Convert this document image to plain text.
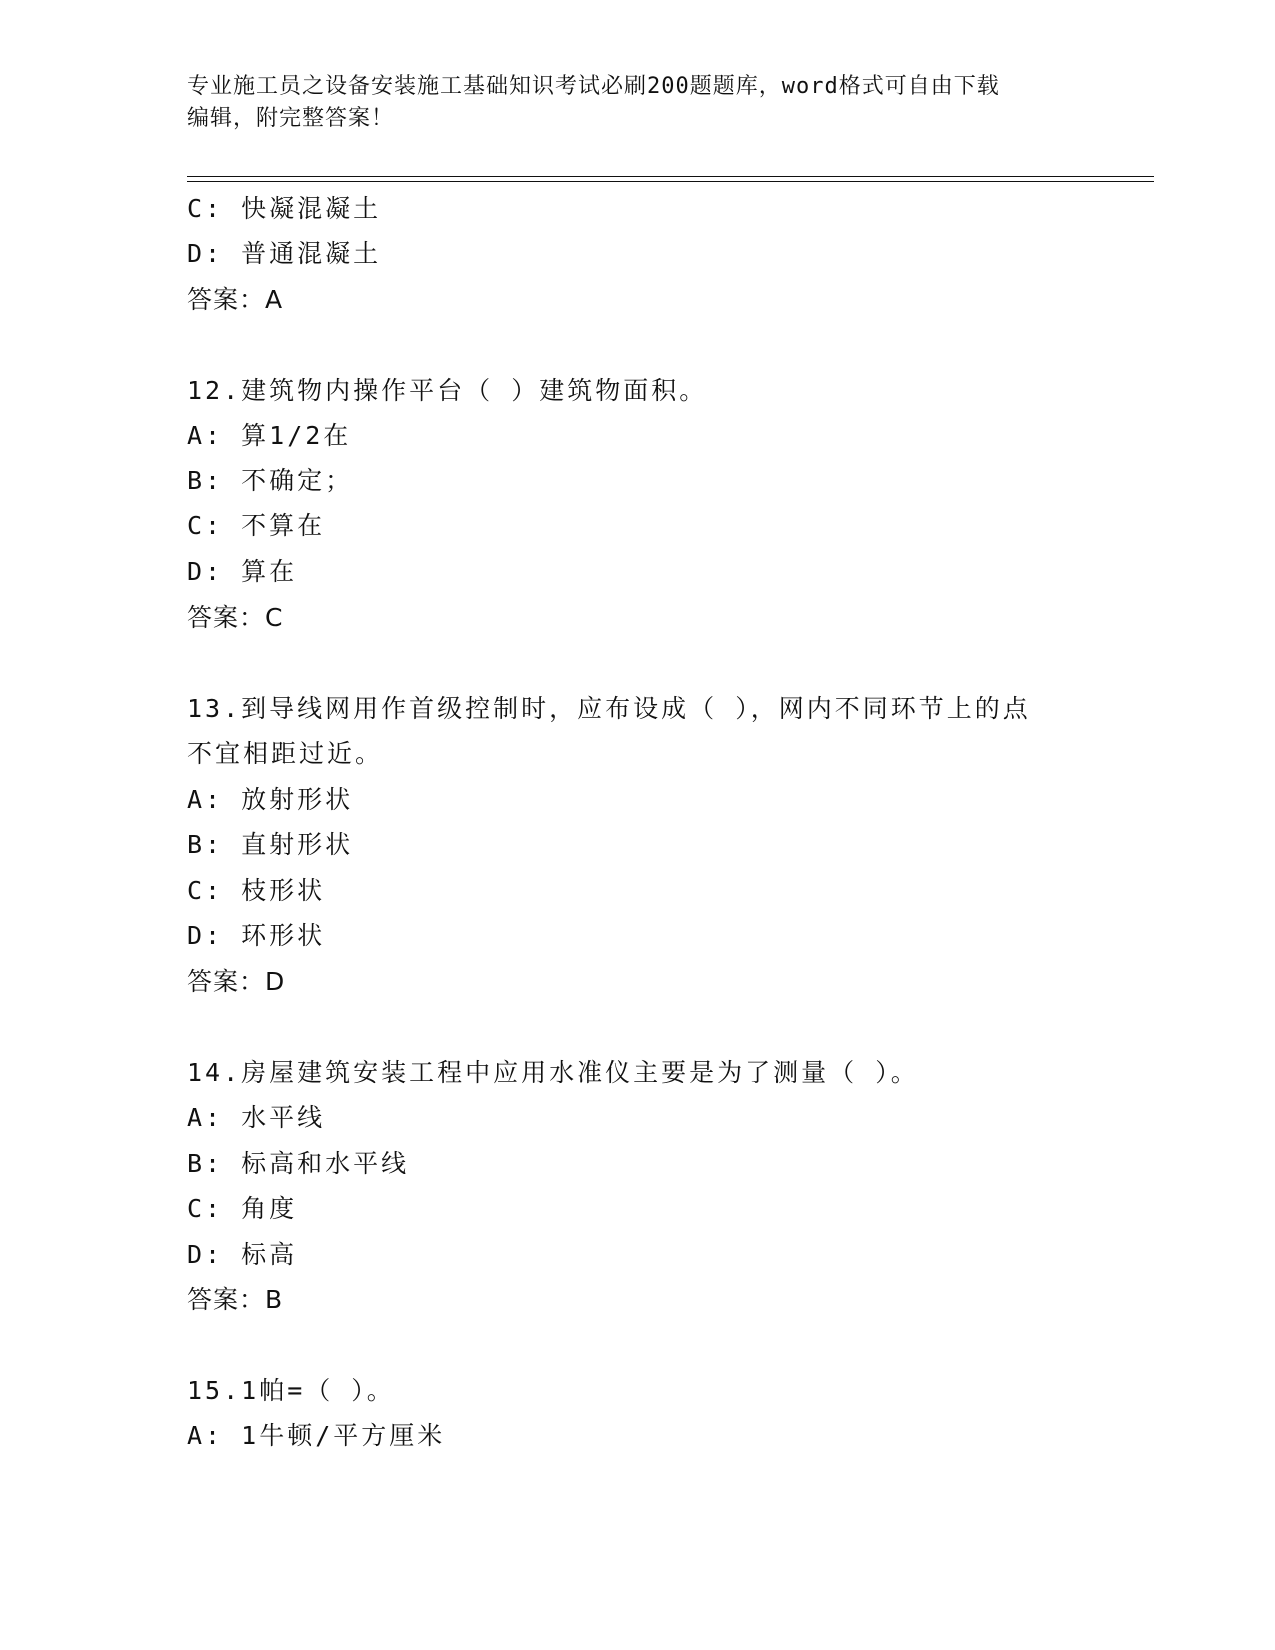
专业施工员之设备安装施工基础知识考试必刷200题题库，word格式可自由下载
编辑，附完整答案！
C: 快凝混凝土
D: 普通混凝土
答案：A
12.建筑物内操作平台（ ）建筑物面积。
A: 算1/2在
B: 不确定；
C: 不算在
D: 算在
答案：C
13.到导线网用作首级控制时，应布设成（ ），网内不同环节上的点
不宜相距过近。
A: 放射形状
B: 直射形状
C: 枝形状
D: 环形状
答案：D
14.房屋建筑安装工程中应用水准仪主要是为了测量（ ）。
A: 水平线
B: 标高和水平线
C: 角度
D: 标高
答案：B
15.1帕=（ ）。
A: 1牛顿/平方厘米
